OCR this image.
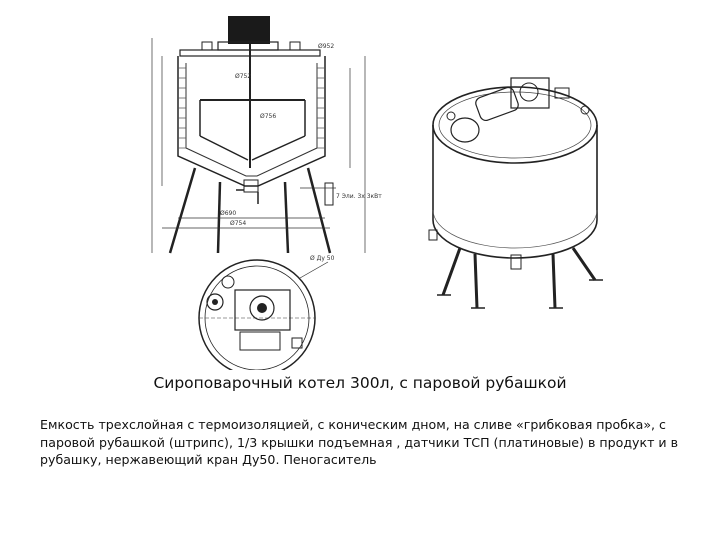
Ø952
Ø752
Ø756
Ø690
Ø754
7 Эли. 3х 3кВт
Ø Ду 50
Сироповарочный котел 300л, с паровой рубашкой
Емкость трехслойная с термоизоляцией, с коническим дном, на сливе «грибковая пробка», с паровой рубашкой (штрипс), 1/3 крышки подъемная , датчики ТСП (платиновые) в продукт и в рубашку, нержавеющий кран Ду50. Пеногаситель
